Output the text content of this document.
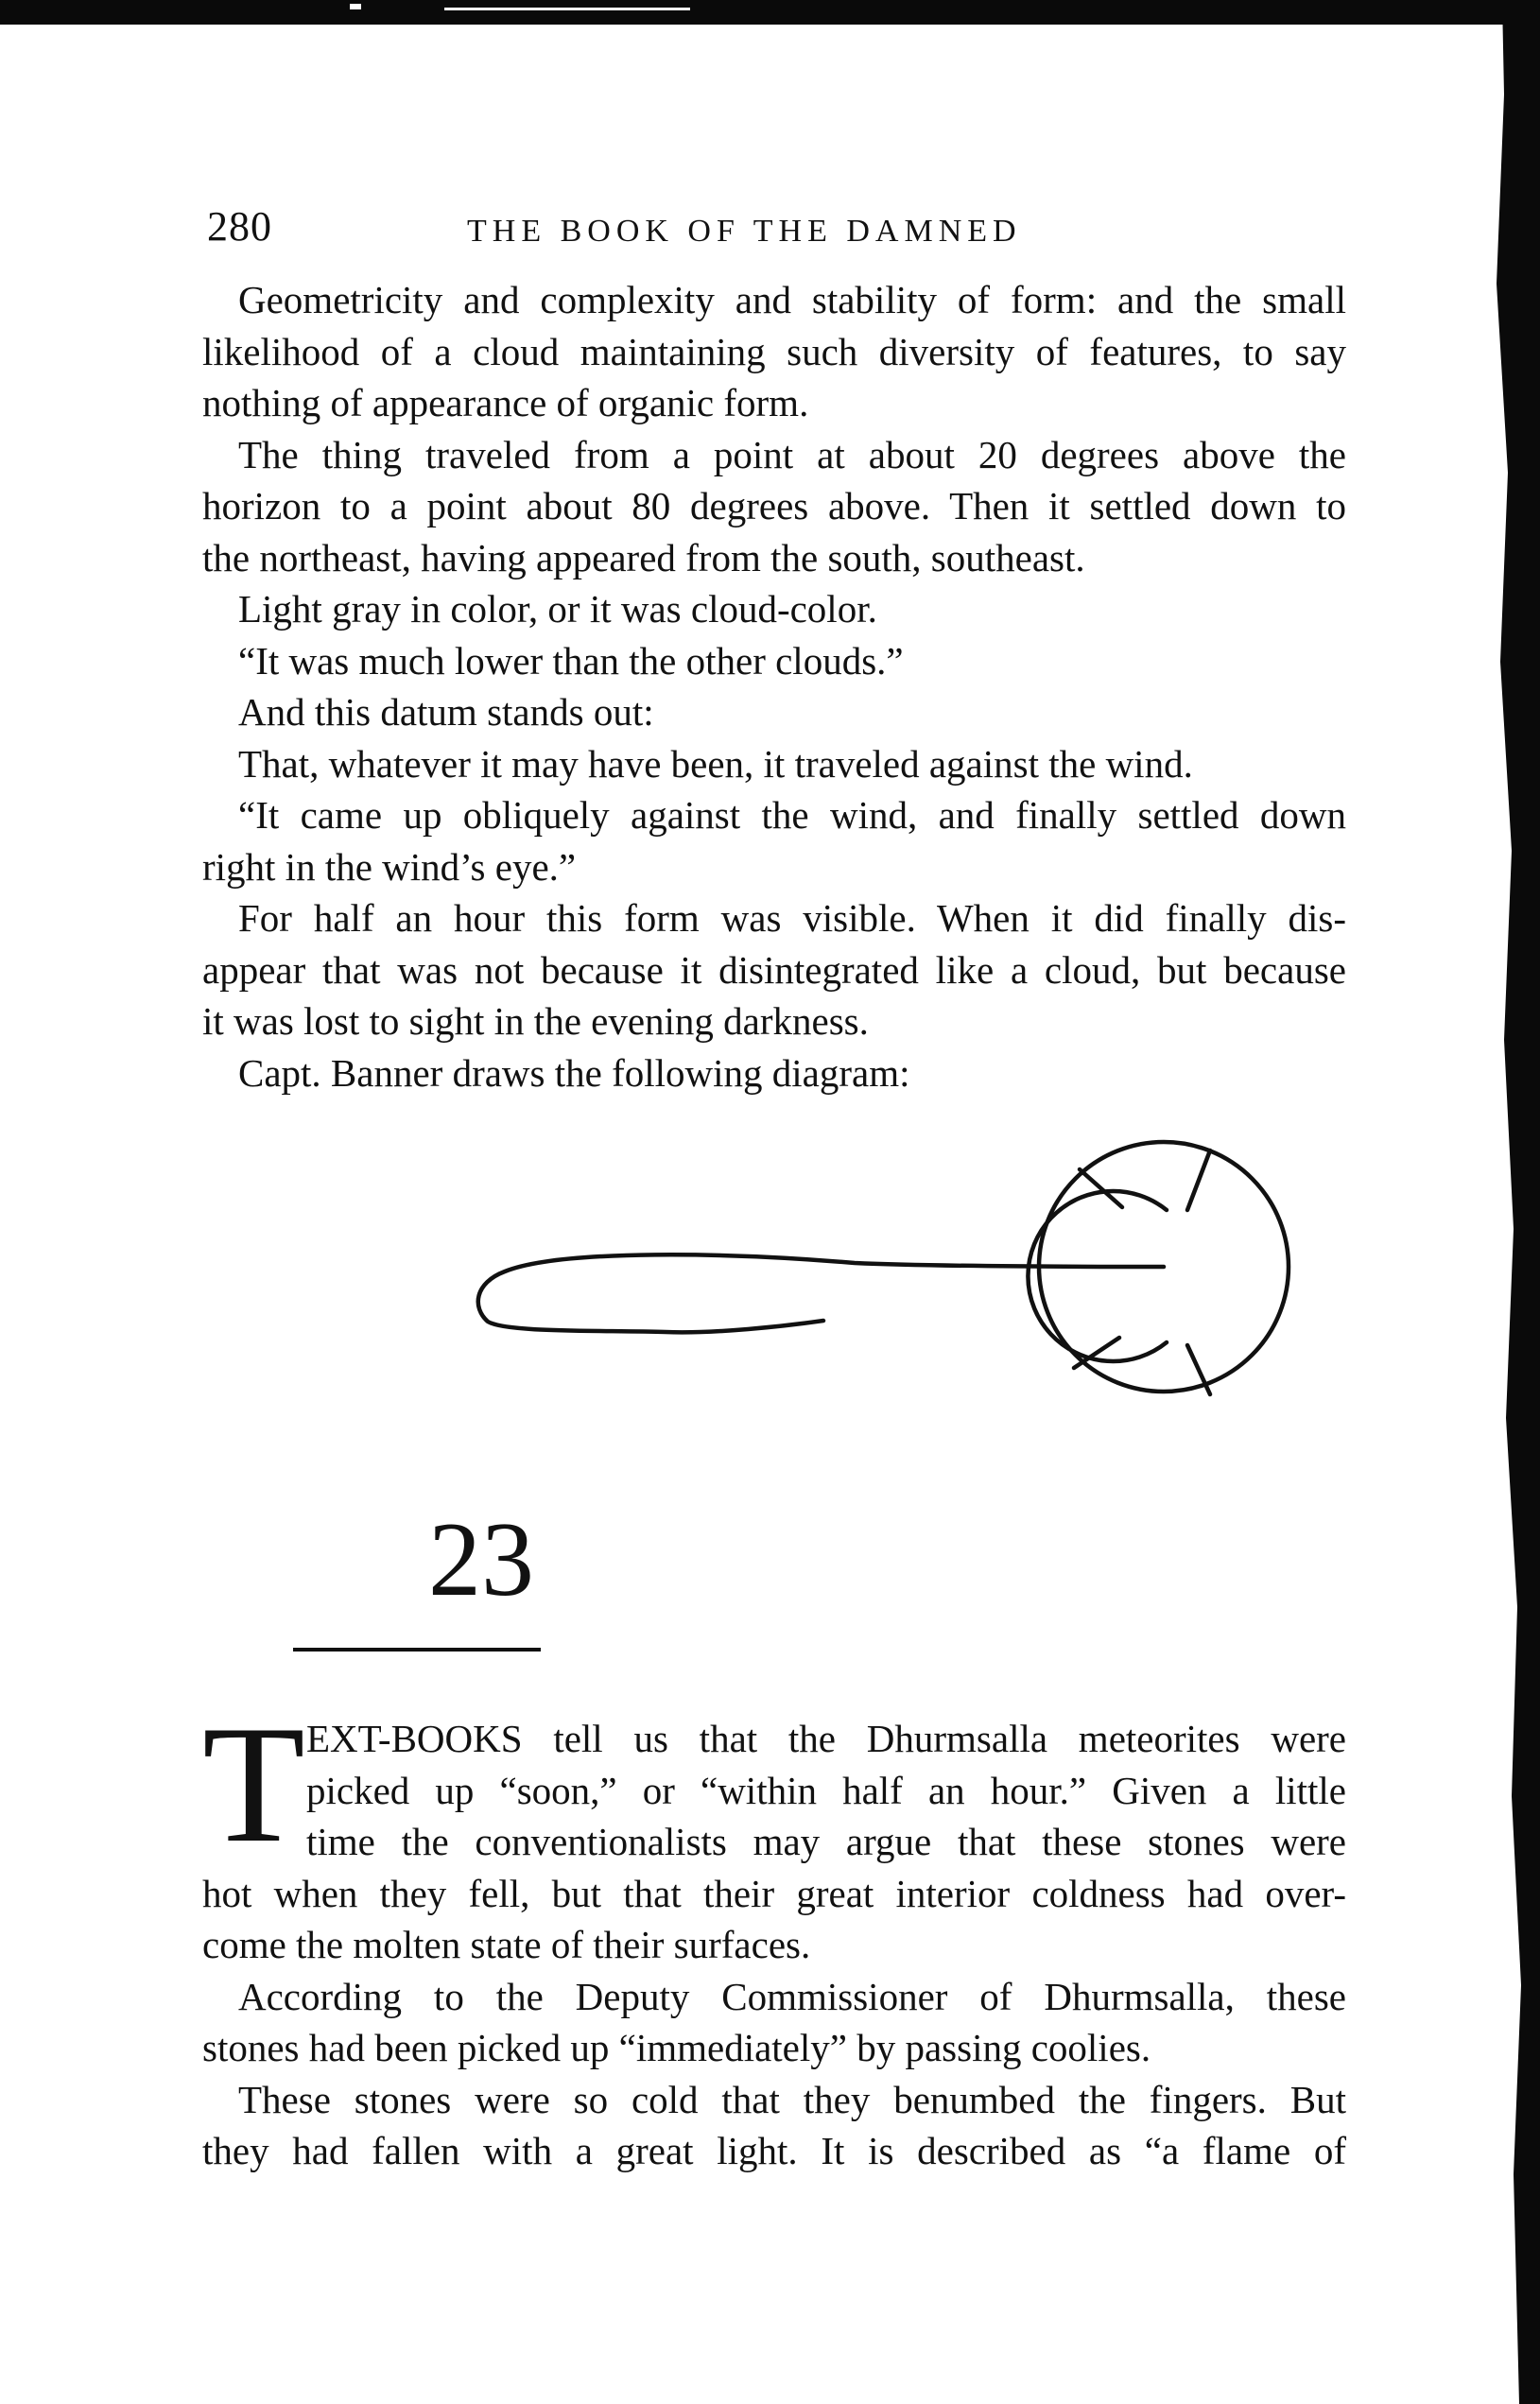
280	THE BOOK OF THE DAMNED
Geometricity and complexity and stability of form: and the small
likelihood of a cloud maintaining such diversity of features, to say
nothing of appearance of organic form.
The thing traveled from a point at about 20 degrees above the
horizon to a point about 80 degrees above. Then it settled down to
the northeast, having appeared from the south, southeast.
Light gray in color, or it was cloud-color.
“It was much lower than the other clouds.”
And this datum stands out:
That, whatever it may have been, it traveled against the wind.
“It came up obliquely against the wind, and finally settled down
right in the wind’s eye.”
For half an hour this form was visible. When it did finally dis-
appear that was not because it disintegrated like a cloud, but because
it was lost to sight in the evening darkness.
Capt. Banner draws the following diagram:
23
T EXT-BOOKS tell us that the Dhurmsalla meteorites were
picked up “soon,” or “within half an hour.” Given a little
time the conventionalists may argue that these stones were
hot when they fell, but that their great interior coldness had over-
come the molten state of their surfaces.
According to the Deputy Commissioner of Dhurmsalla, these
stones had been picked up “immediately” by passing coolies.
These stones were so cold that they benumbed the fingers. But
they had fallen with a great light. It is described as “a flame of
